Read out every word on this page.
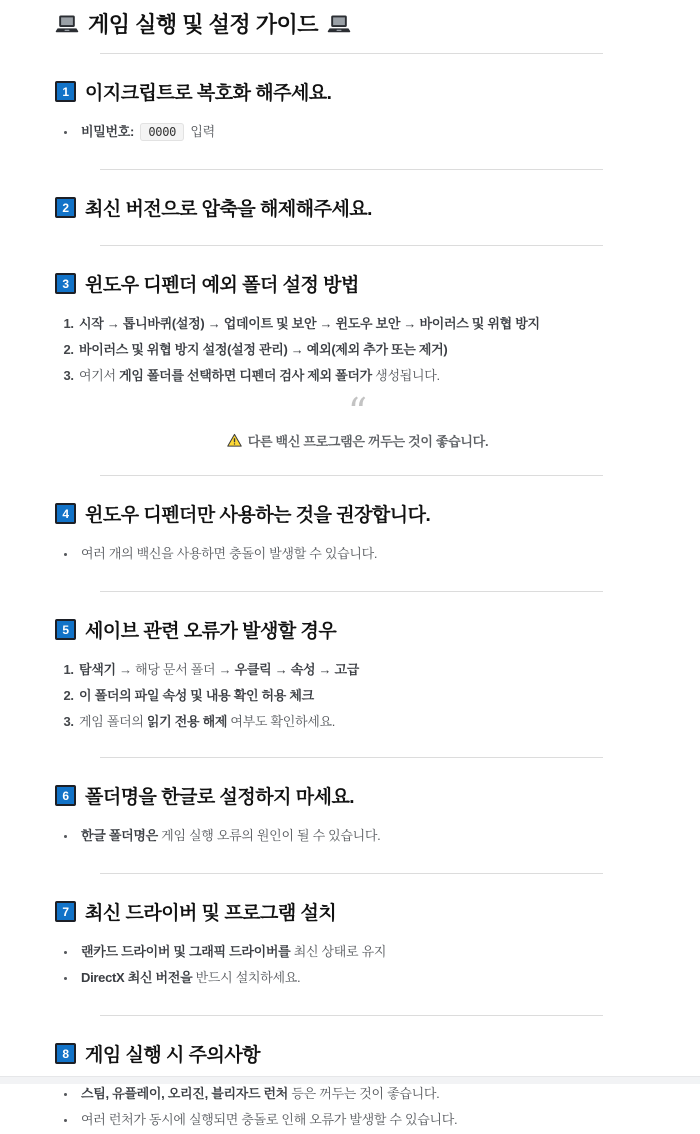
게임 실행 및 설정 가이드
1 이지크립트로 복호화 해주세요.
• 비밀번호: 0000 입력
2 최신 버전으로 압축을 해제해주세요.
3 윈도우 디펜더 예외 폴더 설정 방법
1. 시작 → 톱니바퀴(설정) → 업데이트 및 보안 → 윈도우 보안 → 바이러스 및 위협 방지
2. 바이러스 및 위협 방지 설정(설정 관리) → 예외(제외 추가 또는 제거)
3. 여기서 게임 폴더를 선택하면 디펜더 검사 제외 폴더가 생성됩니다.
“
다른 백신 프로그램은 꺼두는 것이 좋습니다.
4 윈도우 디펜더만 사용하는 것을 권장합니다.
• 여러 개의 백신을 사용하면 충돌이 발생할 수 있습니다.
5 세이브 관련 오류가 발생할 경우
1. 탐색기 → 해당 문서 폴더 → 우클릭 → 속성 → 고급
2. 이 폴더의 파일 속성 및 내용 확인 허용 체크
3. 게임 폴더의 읽기 전용 해제 여부도 확인하세요.
6 폴더명을 한글로 설정하지 마세요.
• 한글 폴더명은 게임 실행 오류의 원인이 될 수 있습니다.
7 최신 드라이버 및 프로그램 설치
• 랜카드 드라이버 및 그래픽 드라이버를 최신 상태로 유지
• DirectX 최신 버전을 반드시 설치하세요.
8 게임 실행 시 주의사항
• 스팀, 유플레이, 오리진, 블리자드 런처 등은 꺼두는 것이 좋습니다.
• 여러 런처가 동시에 실행되면 충돌로 인해 오류가 발생할 수 있습니다.
